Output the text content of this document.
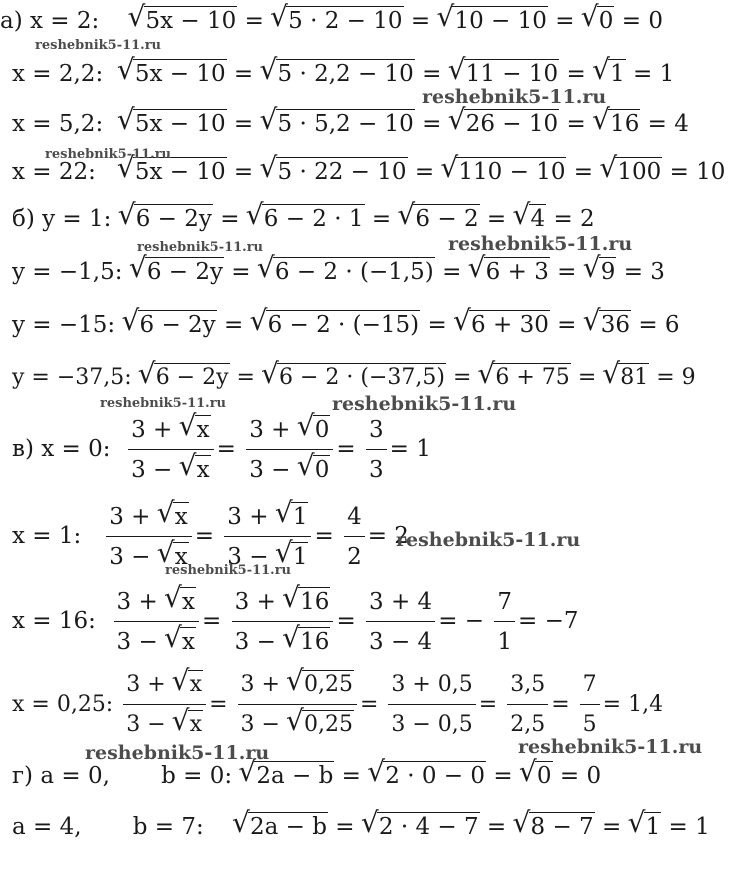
а) x = 2: √ 5x − 10 = √ 5 · 2 − 10 = √ 10 − 10 = √ 0 = 0
x = 2,2: √ 5x − 10 = √ 5 · 2,2 − 10 = √ 11 − 10 = √ 1 = 1
x = 5,2: √ 5x − 10 = √ 5 · 5,2 − 10 = √ 26 − 10 = √ 16 = 4
x = 22: √ 5x − 10 = √ 5 · 22 − 10 = √ 110 − 10 = √ 100 = 10
б) y = 1: √ 6 − 2y = √ 6 − 2 · 1 = √ 6 − 2 = √ 4 = 2
y = −1,5: √ 6 − 2y = √ 6 − 2 · (−1,5) = √ 6 + 3 = √ 9 = 3
y = −15: √ 6 − 2y = √ 6 − 2 · (−15) = √ 6 + 30 = √ 36 = 6
y = −37,5: √ 6 − 2y = √ 6 − 2 · (−37,5) = √ 6 + 75 = √ 81 = 9
в) x = 0: $\frac{3 + √ x}{3 - √ x} = \frac{3 + √ 0}{3 - √ 0} = \frac{3}{3} = 1$
x = 1: $\frac{3 + √ x}{3 - √ x} = \frac{3 + √ 1}{3 - √ 1} = \frac{4}{2} = 2$
x = 16: $\frac{3 + √ x}{3 - √ x} = \frac{3 + √ 16}{3 - √ 16} = \frac{3 + 4}{3 - 4}$ = − $\frac{7}{1} = -7$
x = 0,25: $\frac{3 + √ x}{3 - √ x} = \frac{3 + √ 0,25}{3 - √ 0,25} = \frac{3 + 0,5}{3 - 0,5} = \frac{3,5}{2,5} = \frac{7}{5} = 1,4$
г) a = 0, b = 0: √ 2a − b = √ 2 · 0 − 0 = √ 0 = 0
a = 4, b = 7: √ 2a − b = √ 2 · 4 − 7 = √ 8 − 7 = √ 1 = 1
reshebnik5-11.ru
reshebnik5-11.ru
reshebnik5-11.ru
reshebnik5-11.ru	reshebnik5-11.ru
reshebnik5-11.ru	reshebnik5-11.ru
reshebnik5-11.ru
reshebnik5-11.ru
reshebnik5-11.ru	reshebnik5-11.ru
